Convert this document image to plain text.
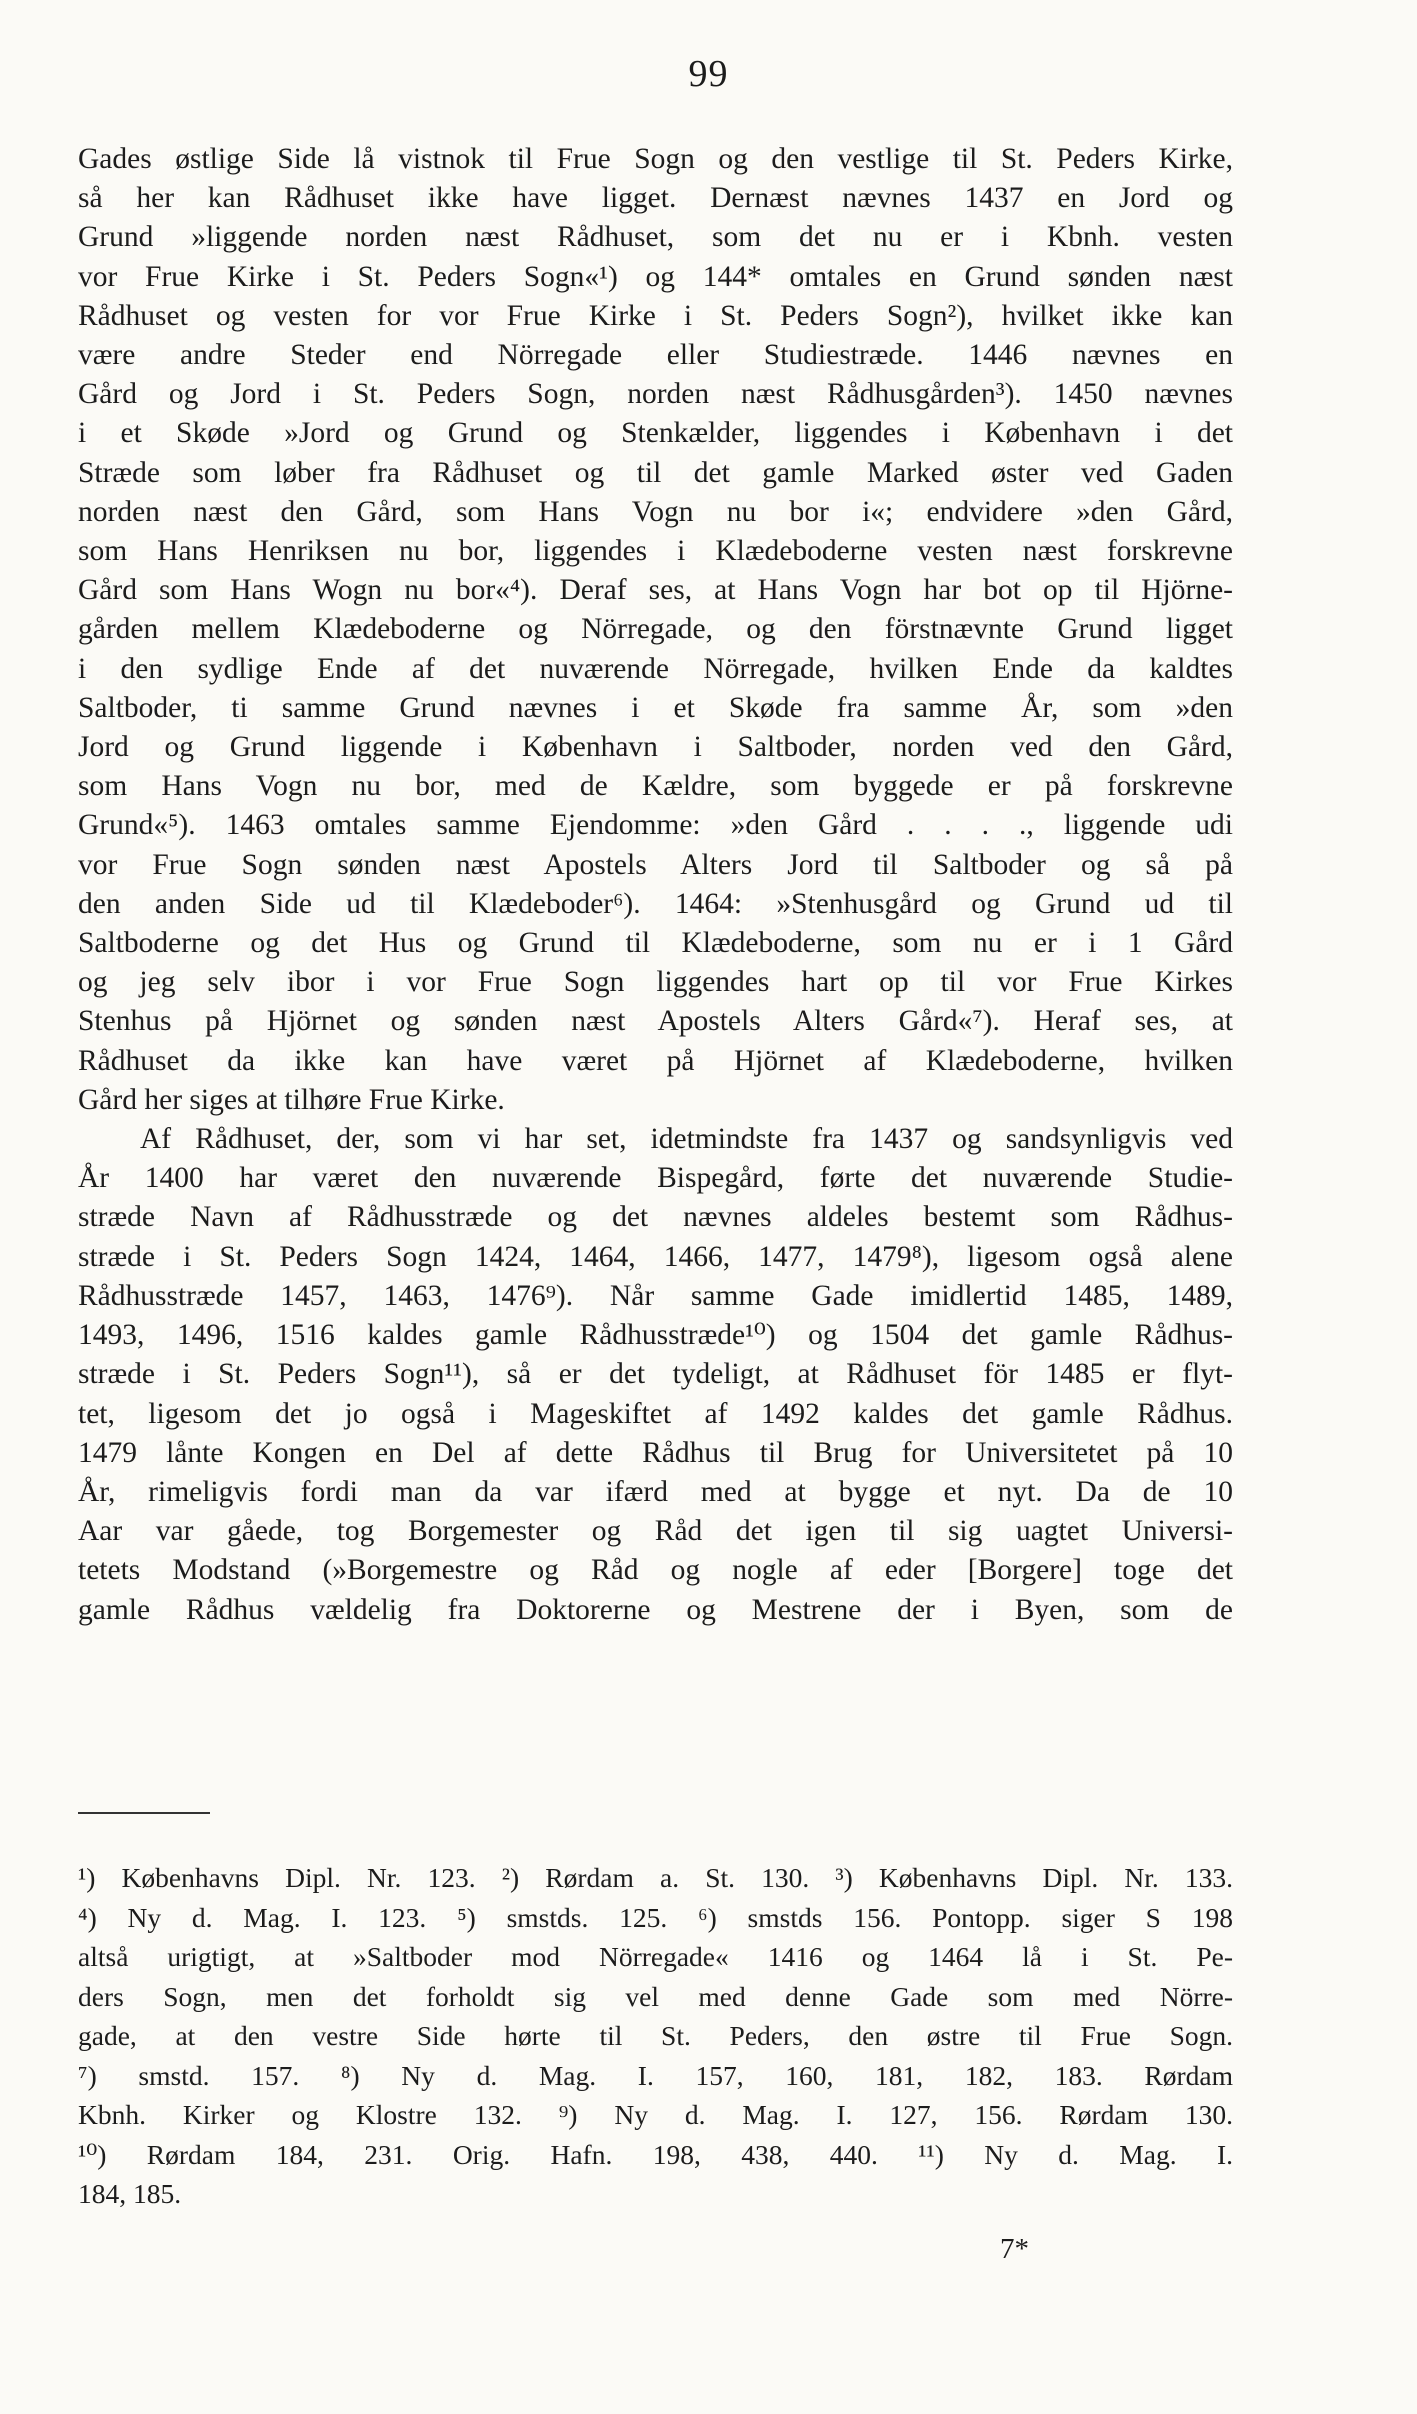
99
Gades østlige Side lå vistnok til Frue Sogn og den vestlige til St. Peders Kirke,
så her kan Rådhuset ikke have ligget. Dernæst nævnes 1437 en Jord og
Grund »liggende norden næst Rådhuset, som det nu er i Kbnh. vesten
vor Frue Kirke i St. Peders Sogn«¹) og 144* omtales en Grund sønden næst
Rådhuset og vesten for vor Frue Kirke i St. Peders Sogn²), hvilket ikke kan
være andre Steder end Nörregade eller Studiestræde. 1446 nævnes en
Gård og Jord i St. Peders Sogn, norden næst Rådhusgården³). 1450 nævnes
i et Skøde »Jord og Grund og Stenkælder, liggendes i København i det
Stræde som løber fra Rådhuset og til det gamle Marked øster ved Gaden
norden næst den Gård, som Hans Vogn nu bor i«; endvidere »den Gård,
som Hans Henriksen nu bor, liggendes i Klædeboderne vesten næst forskrevne
Gård som Hans Wogn nu bor«⁴). Deraf ses, at Hans Vogn har bot op til Hjörne-
gården mellem Klædeboderne og Nörregade, og den förstnævnte Grund ligget
i den sydlige Ende af det nuværende Nörregade, hvilken Ende da kaldtes
Saltboder, ti samme Grund nævnes i et Skøde fra samme År, som »den
Jord og Grund liggende i København i Saltboder, norden ved den Gård,
som Hans Vogn nu bor, med de Kældre, som byggede er på forskrevne
Grund«⁵). 1463 omtales samme Ejendomme: »den Gård . . . ., liggende udi
vor Frue Sogn sønden næst Apostels Alters Jord til Saltboder og så på
den anden Side ud til Klædeboder⁶). 1464: »Stenhusgård og Grund ud til
Saltboderne og det Hus og Grund til Klædeboderne, som nu er i 1 Gård
og jeg selv ibor i vor Frue Sogn liggendes hart op til vor Frue Kirkes
Stenhus på Hjörnet og sønden næst Apostels Alters Gård«⁷). Heraf ses, at
Rådhuset da ikke kan have været på Hjörnet af Klædeboderne, hvilken
Gård her siges at tilhøre Frue Kirke.
Af Rådhuset, der, som vi har set, idetmindste fra 1437 og sandsynligvis ved
År 1400 har været den nuværende Bispegård, førte det nuværende Studie-
stræde Navn af Rådhusstræde og det nævnes aldeles bestemt som Rådhus-
stræde i St. Peders Sogn 1424, 1464, 1466, 1477, 1479⁸), ligesom også alene
Rådhusstræde 1457, 1463, 1476⁹). Når samme Gade imidlertid 1485, 1489,
1493, 1496, 1516 kaldes gamle Rådhusstræde¹⁰) og 1504 det gamle Rådhus-
stræde i St. Peders Sogn¹¹), så er det tydeligt, at Rådhuset för 1485 er flyt-
tet, ligesom det jo også i Mageskiftet af 1492 kaldes det gamle Rådhus.
1479 lånte Kongen en Del af dette Rådhus til Brug for Universitetet på 10
År, rimeligvis fordi man da var ifærd med at bygge et nyt. Da de 10
Aar var gåede, tog Borgemester og Råd det igen til sig uagtet Universi-
tetets Modstand (»Borgemestre og Råd og nogle af eder [Borgere] toge det
gamle Rådhus vældelig fra Doktorerne og Mestrene der i Byen, som de
¹) Københavns Dipl. Nr. 123. ²) Rørdam a. St. 130. ³) Københavns Dipl. Nr. 133.
⁴) Ny d. Mag. I. 123. ⁵) smstds. 125. ⁶) smstds 156. Pontopp. siger S 198
altså urigtigt, at »Saltboder mod Nörregade« 1416 og 1464 lå i St. Pe-
ders Sogn, men det forholdt sig vel med denne Gade som med Nörre-
gade, at den vestre Side hørte til St. Peders, den østre til Frue Sogn.
⁷) smstd. 157. ⁸) Ny d. Mag. I. 157, 160, 181, 182, 183. Rørdam
Kbnh. Kirker og Klostre 132. ⁹) Ny d. Mag. I. 127, 156. Rørdam 130.
¹⁰) Rørdam 184, 231. Orig. Hafn. 198, 438, 440. ¹¹) Ny d. Mag. I.
184, 185.
7*
